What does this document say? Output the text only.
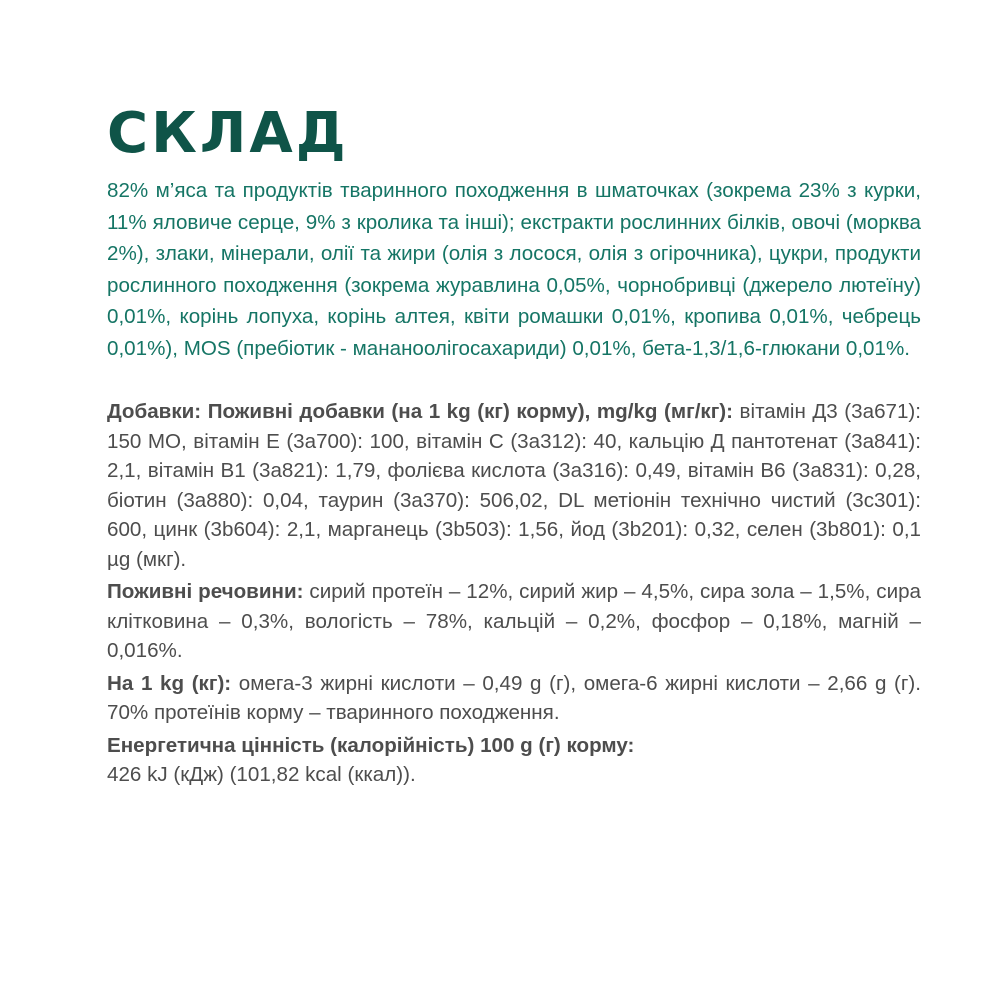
СКЛАД

82% м’яса та продуктів тваринного походження в шматочках (зокрема 23% з курки, 11% яловиче серце, 9% з кролика та інші); екстракти рослинних білків, овочі (морква 2%), злаки, мінерали, олії та жири (олія з лосося, олія з огірочника), цукри, продукти рослинного походження (зокрема журавлина 0,05%, чорнобривці (джерело лютеїну) 0,01%, корінь лопуха, корінь алтея, квіти ромашки 0,01%, кропива 0,01%, чебрець 0,01%), MOS (пребіотик - мананоолігосахариди) 0,01%, бета-1,3/1,6-глюкани 0,01%.

Добавки: Поживні добавки (на 1 kg (кг) корму), mg/kg (мг/кг): вітамін Д3 (3a671): 150 МО, вітамін Е (3a700): 100, вітамін С (3a312): 40, кальцію Д пантотенат (3a841): 2,1, вітамін В1 (3a821): 1,79, фолієва кислота (3a316): 0,49, вітамін В6 (3a831): 0,28, біотин (3a880): 0,04, таурин (3a370): 506,02, DL метіонін технічно чистий (3c301): 600, цинк (3b604): 2,1, марганець (3b503): 1,56, йод (3b201): 0,32, селен (3b801): 0,1 µg (мкг).

Поживні речовини: сирий протеїн – 12%, сирий жир – 4,5%, сира зола – 1,5%, сира клітковина – 0,3%, вологість – 78%, кальцій – 0,2%, фосфор – 0,18%, магній – 0,016%.

На 1 kg (кг): омега-3 жирні кислоти – 0,49 g (г), омега-6 жирні кислоти – 2,66 g (г). 70% протеїнів корму – тваринного походження.

Енергетична цінність (калорійність) 100 g (г) корму:
426 kJ (кДж) (101,82 kcal (ккал)).
